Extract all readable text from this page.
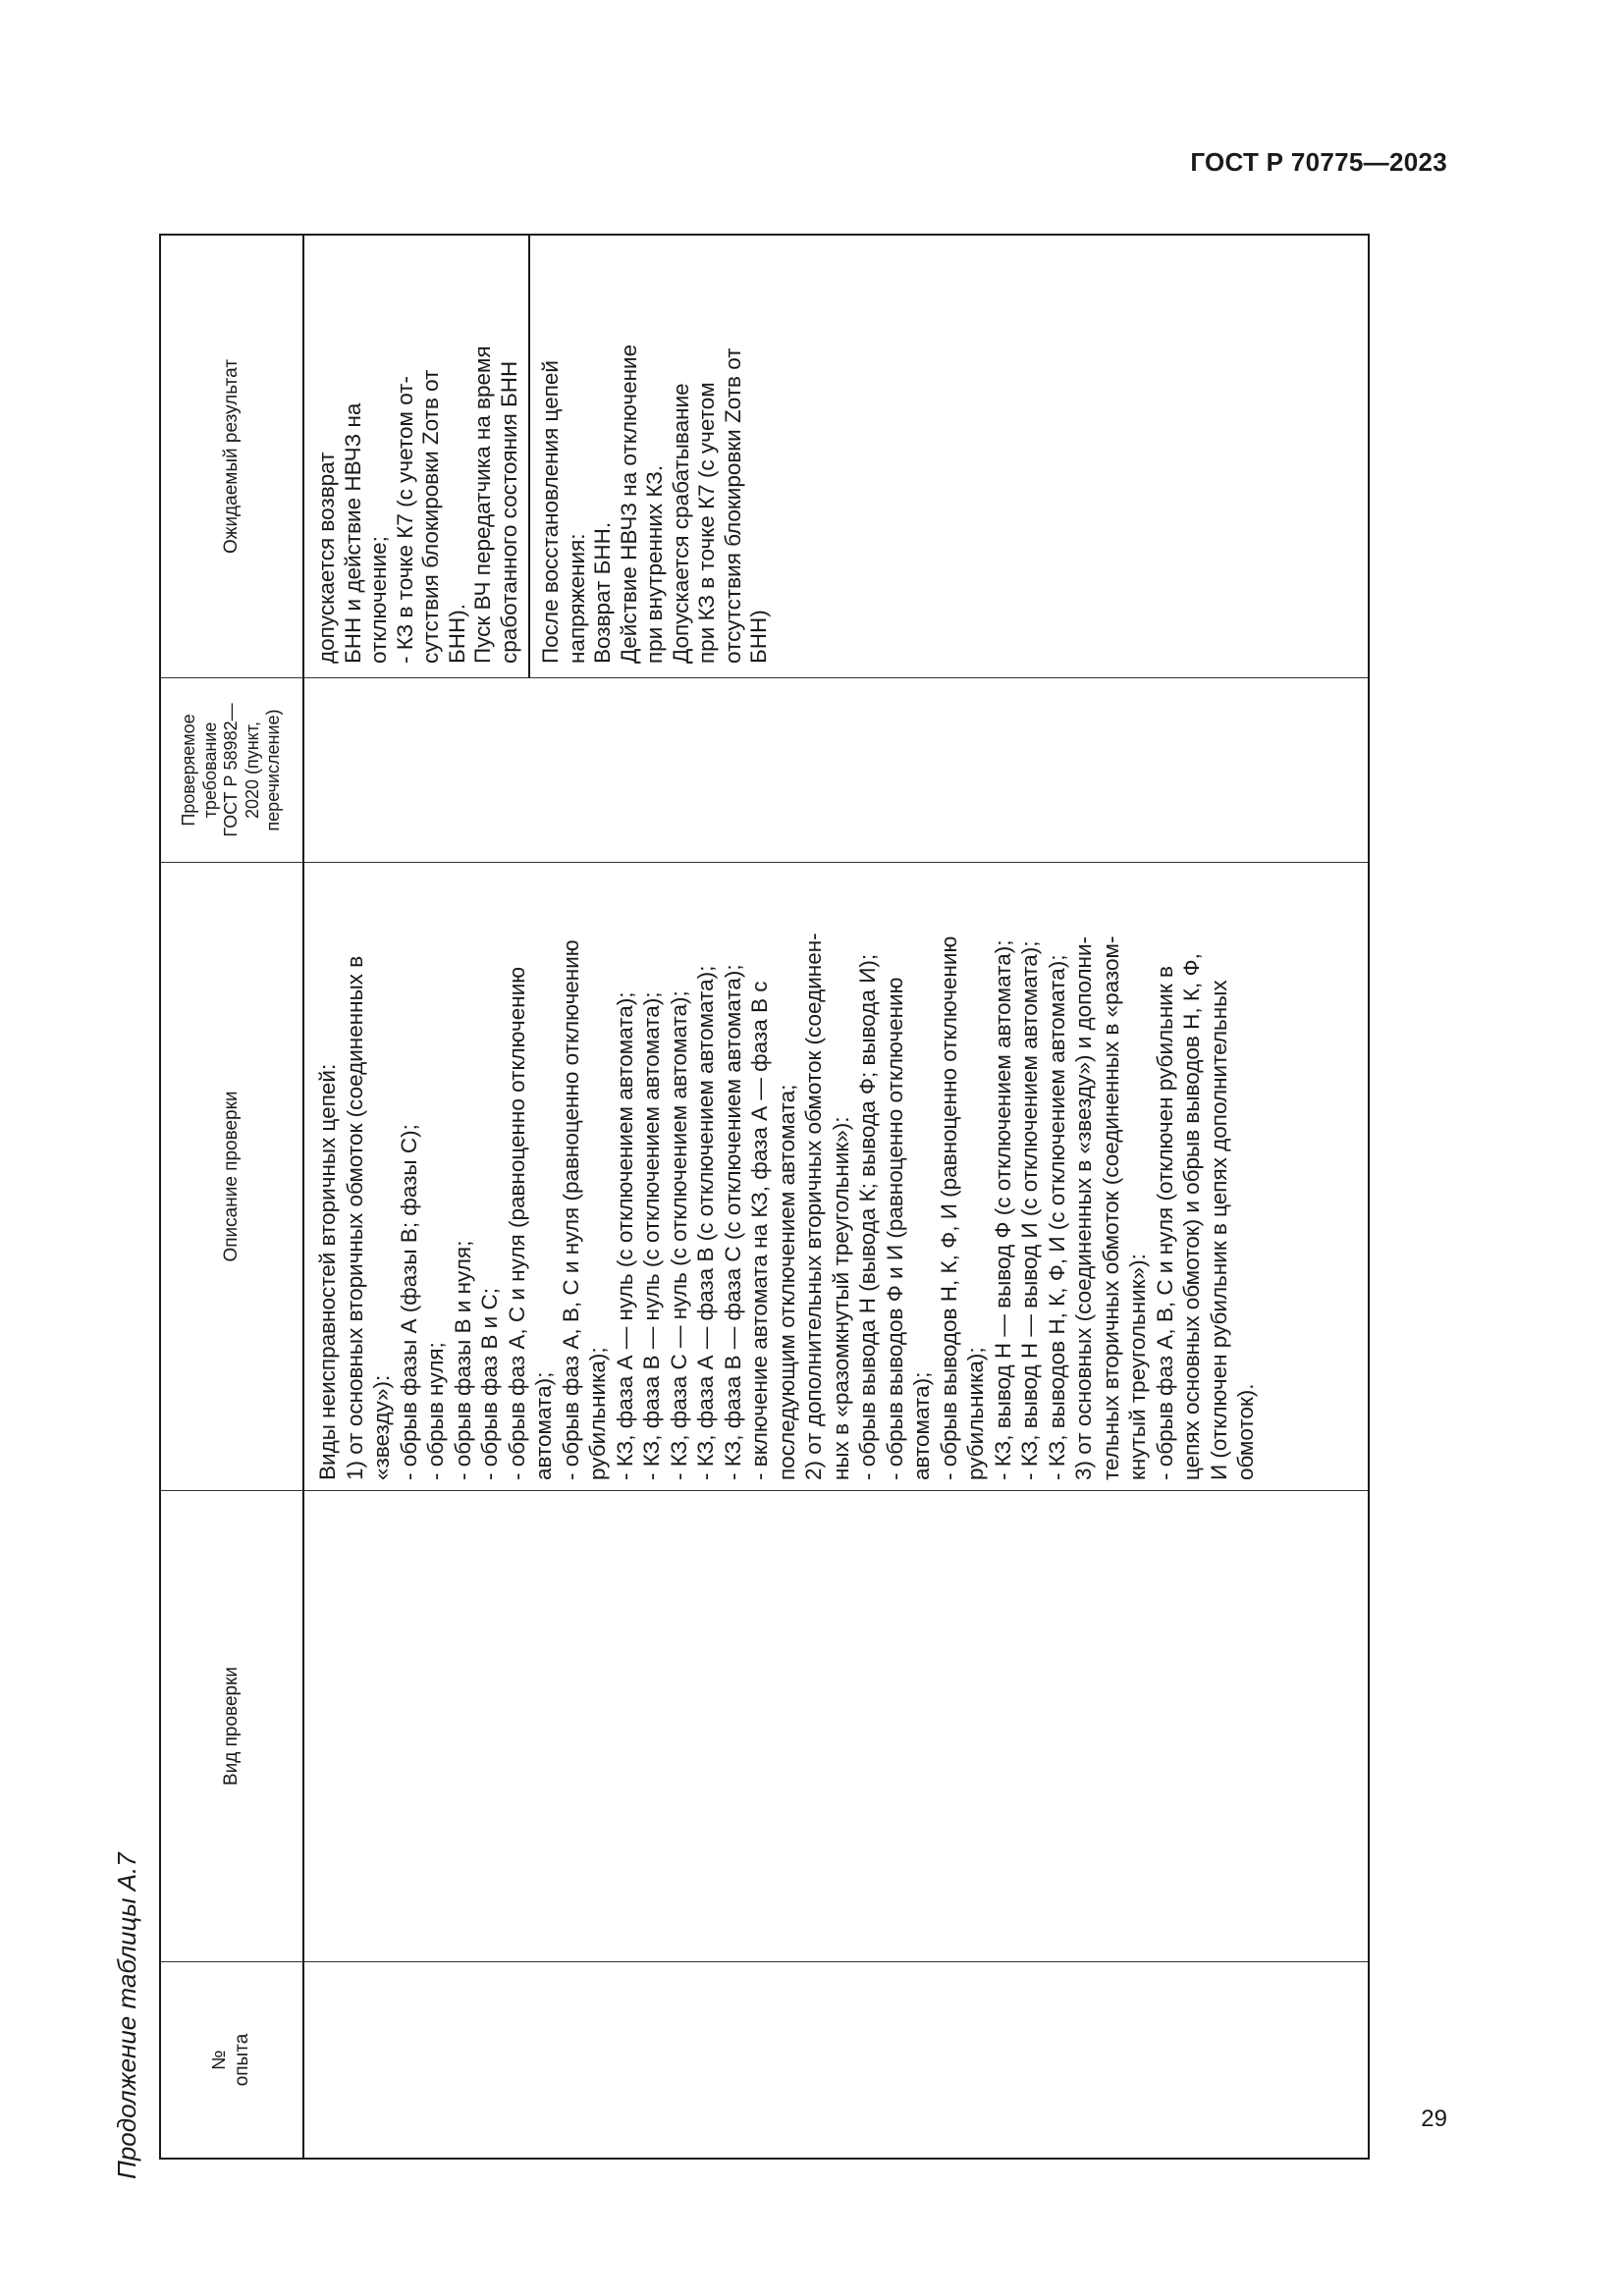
ГОСТ Р 70775—2023
29
Продолжение таблицы А.7	№ опыта
Вид проверки
Описание проверки
Проверяемое требование ГОСТ Р 58982— 2020 (пункт, перечисление)
Ожидаемый результат
Виды неисправностей вторичных цепей: 1) от основных вторичных обмоток (соединенных в «звезду»): - обрыв фазы А (фазы В; фазы С); - обрыв нуля; - обрыв фазы В и нуля; - обрыв фаз В и С; - обрыв фаз А, С и нуля (равноценно отключению автомата); - обрыв фаз А, В, С и нуля (равноценно отключению рубильника); - КЗ, фаза А — нуль (с отключением автомата); - КЗ, фаза В — нуль (с отключением автомата); - КЗ, фаза С — нуль (с отключением автомата); - КЗ, фаза А — фаза В (с отключением автомата); - КЗ, фаза В — фаза С (с отключением автомата); - включение автомата на КЗ, фаза А — фаза В с последующим отключением автомата; 2) от дополнительных вторичных обмоток (соединен- ных в «разомкнутый треугольник»): - обрыв вывода Н (вывода К; вывода Ф; вывода И); - обрыв выводов Ф и И (равноценно отключению автомата); - обрыв выводов Н, К, Ф, И (равноценно отключению рубильника); - КЗ, вывод Н — вывод Ф (с отключением автомата); - КЗ, вывод Н — вывод И (с отключением автомата); - КЗ, выводов Н, К, Ф, И (с отключением автомата); 3) от основных (соединенных в «звезду») и дополни- тельных вторичных обмоток (соединенных в «разом- кнутый треугольник»): - обрыв фаз А, В, С и нуля (отключен рубильник в цепях основных обмоток) и обрыв выводов Н, К, Ф, И (отключен рубильник в цепях дополнительных обмоток).
допускается возврат БНН и действие НВЧЗ на отключение; - КЗ в точке К7 (с учетом от- сутствия блокировки Zотв от БНН). Пуск ВЧ передатчика на время сработанного состояния БНН После восстановления цепей напряжения: Возврат БНН. Действие НВЧЗ на отключение при внутренних КЗ. Допускается срабатывание при КЗ в точке К7 (с учетом отсутствия блокировки Zотв от БНН)
